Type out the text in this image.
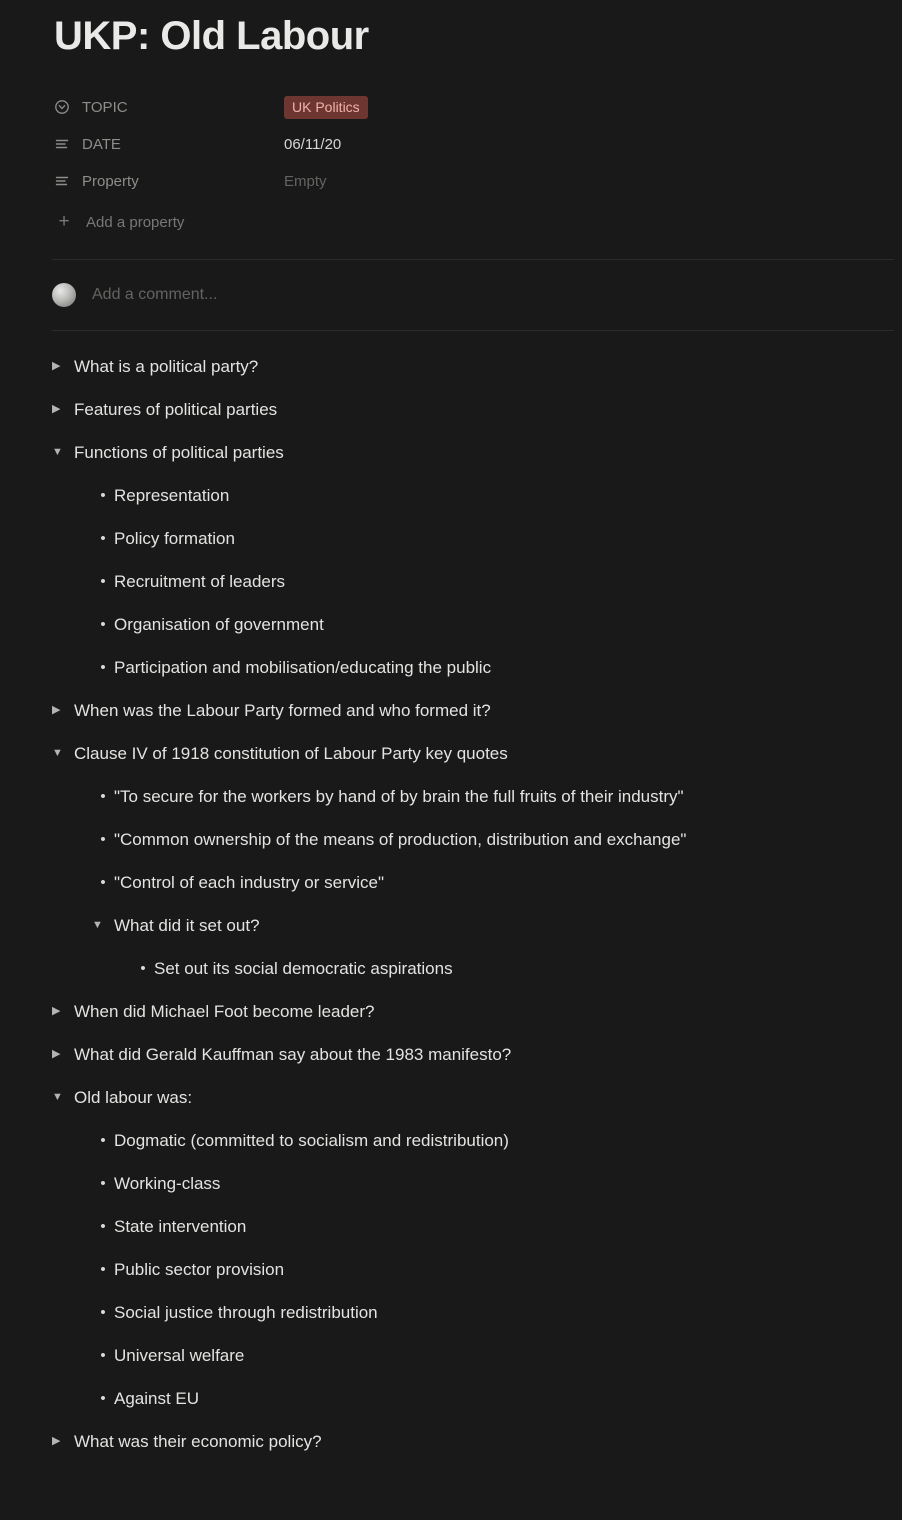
UKP: Old Labour
TOPIC	UK Politics
DATE	06/11/20
Property	Empty
+ Add a property
Add a comment...
▶ What is a political party?
▶ Features of political parties
▼ Functions of political parties
• Representation
• Policy formation
• Recruitment of leaders
• Organisation of government
• Participation and mobilisation/educating the public
▶ When was the Labour Party formed and who formed it?
▼ Clause IV of 1918 constitution of Labour Party key quotes
• "To secure for the workers by hand of by brain the full fruits of their industry"
• "Common ownership of the means of production, distribution and exchange"
• "Control of each industry or service"
▼ What did it set out?
• Set out its social democratic aspirations
▶ When did Michael Foot become leader?
▶ What did Gerald Kauffman say about the 1983 manifesto?
▼ Old labour was:
• Dogmatic (committed to socialism and redistribution)
• Working-class
• State intervention
• Public sector provision
• Social justice through redistribution
• Universal welfare
• Against EU
▶ What was their economic policy?
